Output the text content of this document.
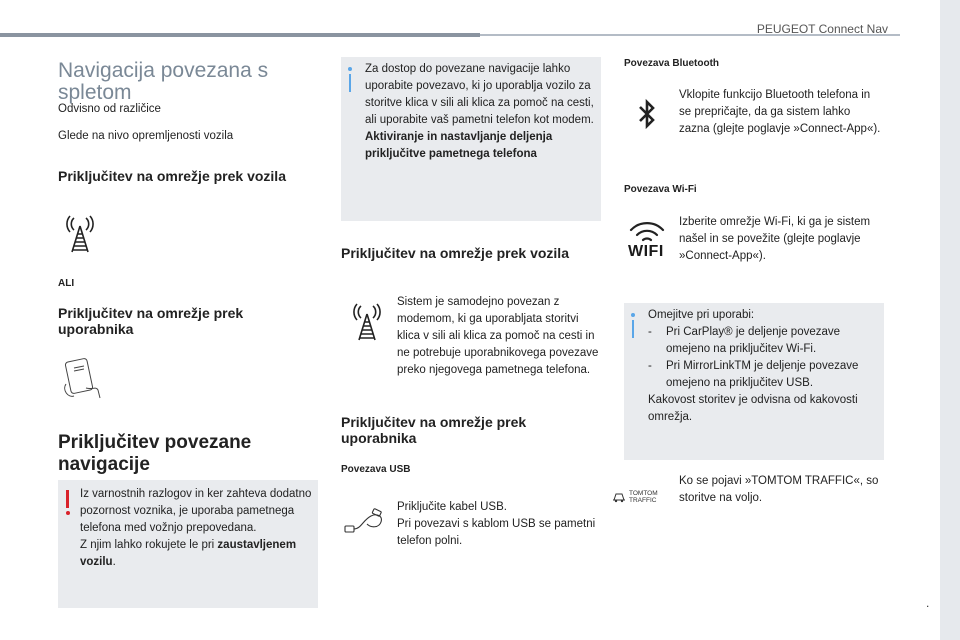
PEUGEOT Connect Nav
.
15
Navigacija povezana s spletom
Odvisno od različice
Glede na nivo opremljenosti vozila
Priključitev na omrežje prek vozila
ALI
Priključitev na omrežje prek uporabnika
Priključitev povezane navigacije
Iz varnostnih razlogov in ker zahteva dodatno pozornost voznika, je uporaba pametnega telefona med vožnjo prepovedana.
Z njim lahko rokujete le pri zaustavljenem vozilu.
Za dostop do povezane navigacije lahko uporabite povezavo, ki jo uporablja vozilo za storitve klica v sili ali klica za pomoč na cesti, ali uporabite vaš pametni telefon kot modem.
Aktiviranje in nastavljanje deljenja priključitve pametnega telefona
Priključitev na omrežje prek vozila
Sistem je samodejno povezan z modemom, ki ga uporabljata storitvi klica v sili ali klica za pomoč na cesti in ne potrebuje uporabnikovega povezave preko njegovega pametnega telefona.
Priključitev na omrežje prek uporabnika
Povezava USB
Priključite kabel USB.
Pri povezavi s kablom USB se pametni telefon polni.
Povezava Bluetooth
Vklopite funkcijo Bluetooth telefona in se prepričajte, da ga sistem lahko zazna (glejte poglavje »Connect-App«).
Povezava Wi-Fi
WIFI
Izberite omrežje Wi-Fi, ki ga je sistem našel in se povežite (glejte poglavje »Connect-App«).
Omejitve pri uporabi:
- Pri CarPlay® je deljenje povezave omejeno na priključitev Wi-Fi.
- Pri MirrorLinkTM je deljenje povezave omejeno na priključitev USB.
Kakovost storitev je odvisna od kakovosti omrežja.
TOMTOM
TRAFFIC
Ko se pojavi »TOMTOM TRAFFIC«, so storitve na voljo.
